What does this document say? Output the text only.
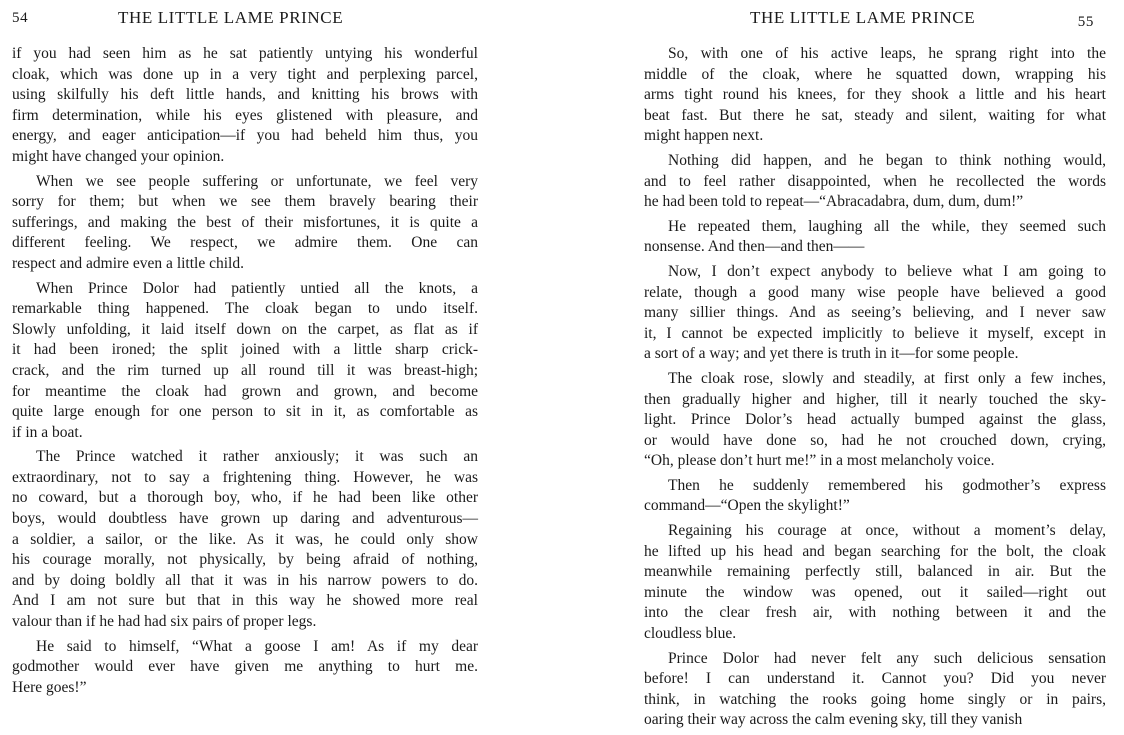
54	THE LITTLE LAME PRINCE
if you had seen him as he sat patiently untying his wonderful
cloak, which was done up in a very tight and perplexing parcel,
using skilfully his deft little hands, and knitting his brows with
firm determination, while his eyes glistened with pleasure, and
energy, and eager anticipation—if you had beheld him thus, you
might have changed your opinion.
When we see people suffering or unfortunate, we feel very
sorry for them; but when we see them bravely bearing their
sufferings, and making the best of their misfortunes, it is quite a
different feeling. We respect, we admire them. One can
respect and admire even a little child.
When Prince Dolor had patiently untied all the knots, a
remarkable thing happened. The cloak began to undo itself.
Slowly unfolding, it laid itself down on the carpet, as flat as if
it had been ironed; the split joined with a little sharp crick-
crack, and the rim turned up all round till it was breast-high;
for meantime the cloak had grown and grown, and become
quite large enough for one person to sit in it, as comfortable as
if in a boat.
The Prince watched it rather anxiously; it was such an
extraordinary, not to say a frightening thing. However, he was
no coward, but a thorough boy, who, if he had been like other
boys, would doubtless have grown up daring and adventurous—
a soldier, a sailor, or the like. As it was, he could only show
his courage morally, not physically, by being afraid of nothing,
and by doing boldly all that it was in his narrow powers to do.
And I am not sure but that in this way he showed more real
valour than if he had had six pairs of proper legs.
He said to himself, “What a goose I am! As if my dear
godmother would ever have given me anything to hurt me.
Here goes!”
THE LITTLE LAME PRINCE	55
So, with one of his active leaps, he sprang right into the
middle of the cloak, where he squatted down, wrapping his
arms tight round his knees, for they shook a little and his heart
beat fast. But there he sat, steady and silent, waiting for what
might happen next.
Nothing did happen, and he began to think nothing would,
and to feel rather disappointed, when he recollected the words
he had been told to repeat—“Abracadabra, dum, dum, dum!”
He repeated them, laughing all the while, they seemed such
nonsense. And then—and then——
Now, I don’t expect anybody to believe what I am going to
relate, though a good many wise people have believed a good
many sillier things. And as seeing’s believing, and I never saw
it, I cannot be expected implicitly to believe it myself, except in
a sort of a way; and yet there is truth in it—for some people.
The cloak rose, slowly and steadily, at first only a few inches,
then gradually higher and higher, till it nearly touched the sky-
light. Prince Dolor’s head actually bumped against the glass,
or would have done so, had he not crouched down, crying,
“Oh, please don’t hurt me!” in a most melancholy voice.
Then he suddenly remembered his godmother’s express
command—“Open the skylight!”
Regaining his courage at once, without a moment’s delay,
he lifted up his head and began searching for the bolt, the cloak
meanwhile remaining perfectly still, balanced in air. But the
minute the window was opened, out it sailed—right out
into the clear fresh air, with nothing between it and the
cloudless blue.
Prince Dolor had never felt any such delicious sensation
before! I can understand it. Cannot you? Did you never
think, in watching the rooks going home singly or in pairs,
oaring their way across the calm evening sky, till they vanish
